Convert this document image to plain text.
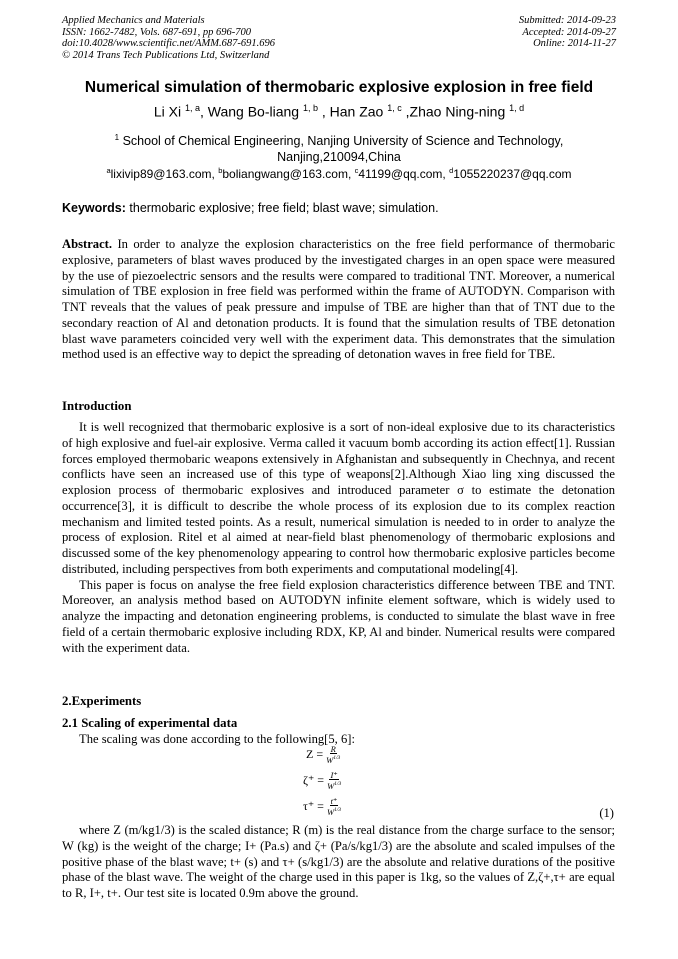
Applied Mechanics and Materials
ISSN: 1662-7482, Vols. 687-691, pp 696-700
doi:10.4028/www.scientific.net/AMM.687-691.696
© 2014 Trans Tech Publications Ltd, Switzerland
Submitted: 2014-09-23
Accepted: 2014-09-27
Online: 2014-11-27
Numerical simulation of thermobaric explosive explosion in free field
Li Xi $^{1, a}$, Wang Bo-liang $^{1, b}$ , Han Zao $^{1, c}$ ,Zhao Ning-ning $^{1, d}$
$^1$ School of Chemical Engineering, Nanjing University of Science and Technology,
Nanjing,210094,China
$^a$lixivip89@163.com, $^b$boliangwang@163.com, $^c$41199@qq.com, $^d$1055220237@qq.com
Keywords: thermobaric explosive; free field; blast wave; simulation.

Abstract. In order to analyze the explosion characteristics on the free field performance of thermobaric explosive, parameters of blast waves produced by the investigated charges in an open space were measured by the use of piezoelectric sensors and the results were compared to traditional TNT. Moreover, a numerical simulation of TBE explosion in free field was performed within the frame of AUTODYN. Comparison with TNT reveals that the values of peak pressure and impulse of TBE are higher than that of TNT due to the secondary reaction of Al and detonation products. It is found that the simulation results of TBE detonation blast wave parameters coincided very well with the experiment data. This demonstrates that the simulation method used is an effective way to depict the spreading of detonation waves in free field for TBE.

Introduction

It is well recognized that thermobaric explosive is a sort of non-ideal explosive due to its characteristics of high explosive and fuel-air explosive. Verma called it vacuum bomb according its action effect[1]. Russian forces employed thermobaric weapons extensively in Afghanistan and subsequently in Chechnya, and recent conflicts have seen an increased use of this type of weapons[2].Although Xiao ling xing discussed the explosion process of thermobaric explosives and introduced parameter σ to estimate the detonation occurrence[3], it is difficult to describe the whole process of its explosion due to its complex reaction mechanism and limited tested points. As a result, numerical simulation is needed to in order to analyze the process of explosion. Ritel et al aimed at near-field blast phenomenology of thermobaric explosions and discussed some of the key phenomenology appearing to control how thermobaric explosive particles become distributed, including perspectives from both experiments and computational modeling[4].

This paper is focus on analyse the free field explosion characteristics difference between TBE and TNT. Moreover, an analysis method based on AUTODYN infinite element software, which is widely used to analyze the impacting and detonation engineering problems, is conducted to simulate the blast wave in free field of a certain thermobaric explosive including RDX, KP, Al and binder. Numerical results were compared with the experiment data.

2.Experiments
2.1 Scaling of experimental data

The scaling was done according to the following[5, 6]:

$Z = \frac{R}{W^{1/3}}$
$\zeta^+ = \frac{I^+}{W^{1/3}}$
$\tau^+ = \frac{t^+}{W^{1/3}}$	(1)

where Z (m/kg1/3) is the scaled distance; R (m) is the real distance from the charge surface to the sensor; W (kg) is the weight of the charge; I+ (Pa.s) and ζ+ (Pa/s/kg1/3) are the absolute and scaled impulses of the positive phase of the blast wave; t+ (s) and τ+ (s/kg1/3) are the absolute and relative durations of the positive phase of the blast wave. The weight of the charge used in this paper is 1kg, so the values of Z,ζ+,τ+ are equal to R, I+, t+. Our test site is located 0.9m above the ground.
